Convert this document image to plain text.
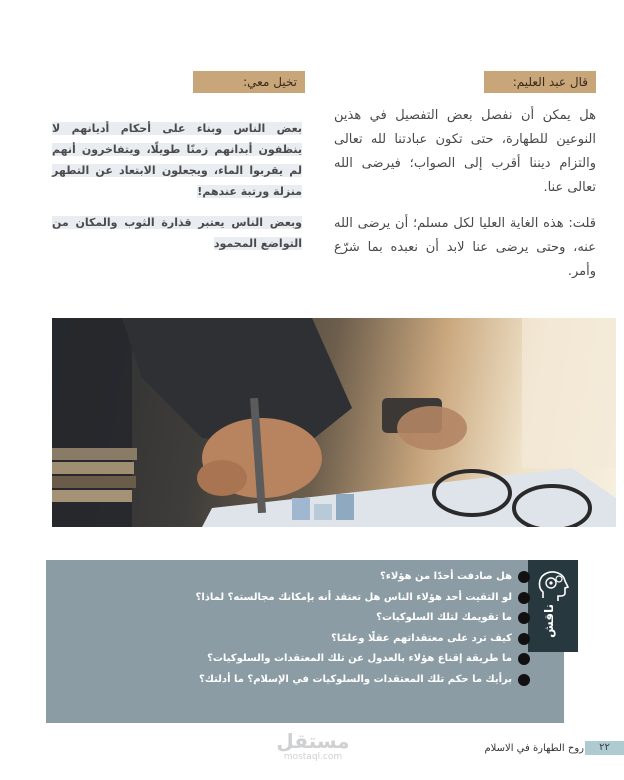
قال عبد العليم:
تخيل معي:

هل يمكن أن نفصل بعض التفصيل في هذين النوعين للطهارة، حتى تكون عبادتنا لله تعالى والتزام ديننا أقرب إلى الصواب؛ فيرضى الله تعالى عنا.

قلت: هذه الغاية العليا لكل مسلم؛ أن يرضى الله عنه، وحتى يرضى عنا لابد أن نعبده بما شرّع وأمر.

بعض الناس وبناء على أحكام أديانهم لا ينظفون أبدانهم زمنًا طويلًا، ويتفاخرون أنهم لم يقربوا الماء، ويجعلون الابتعاد عن التطهر منزلة ورتبة عندهم!

وبعض الناس يعتبر قذارة الثوب والمكان من التواضع المحمود

ناقش
هل صادفت أحدًا من هؤلاء؟
لو التقيت أحد هؤلاء الناس هل تعتقد أنه بإمكانك مجالسته؟ لماذا؟
ما تقويمك لتلك السلوكيات؟
كيف ترد على معتقداتهم عقلًا وعلمًا؟
ما طريقة إقناع هؤلاء بالعدول عن تلك المعتقدات والسلوكيات؟
برأيك ما حكم تلك المعتقدات والسلوكيات في الإسلام؟ ما أدلتك؟
مستقل
mostaql.com
٢٢
روح الطهارة في الاسلام
